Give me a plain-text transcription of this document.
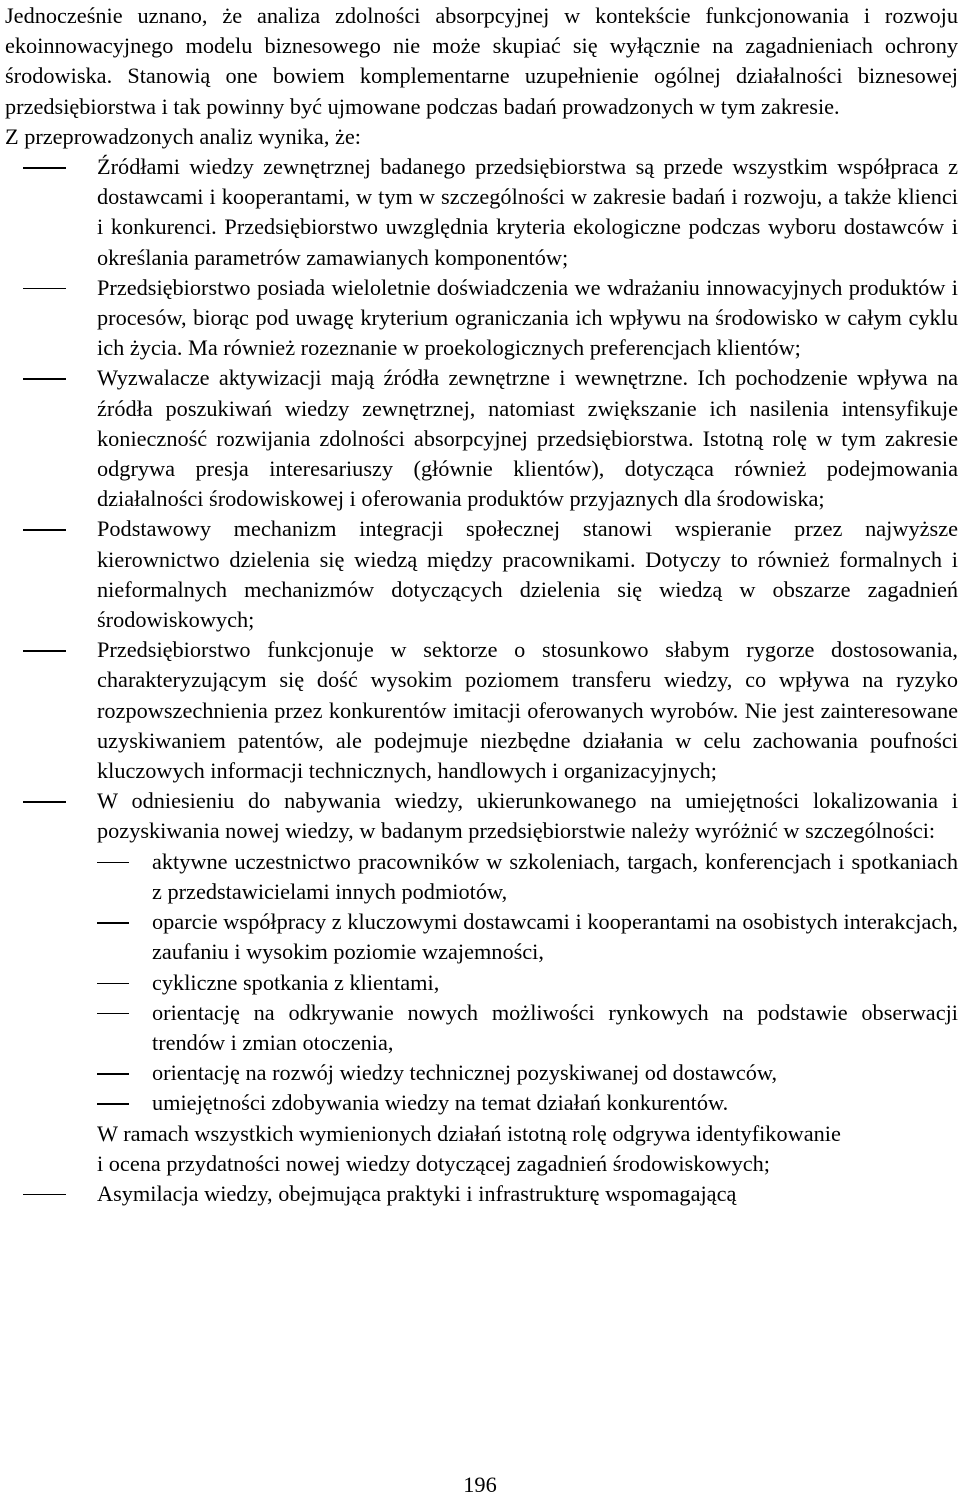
Jednocześnie uznano, że analiza zdolności absorpcyjnej w kontekście funkcjonowania i rozwoju ekoinnowacyjnego modelu biznesowego nie może skupiać się wyłącznie na zagadnieniach ochrony środowiska. Stanowią one bowiem komplementarne uzupełnienie ogólnej działalności biznesowej przedsiębiorstwa i tak powinny być ujmowane podczas badań prowadzonych w tym zakresie.

Z przeprowadzonych analiz wynika, że:

Źródłami wiedzy zewnętrznej badanego przedsiębiorstwa są przede wszystkim współpraca z dostawcami i kooperantami, w tym w szczególności w zakresie badań i rozwoju, a także klienci i konkurenci. Przedsiębiorstwo uwzględnia kryteria ekologiczne podczas wyboru dostawców i określania parametrów zamawianych komponentów;
Przedsiębiorstwo posiada wieloletnie doświadczenia we wdrażaniu innowacyjnych produktów i procesów, biorąc pod uwagę kryterium ograniczania ich wpływu na środowisko w całym cyklu ich życia. Ma również rozeznanie w proekologicznych preferencjach klientów;
Wyzwalacze aktywizacji mają źródła zewnętrzne i wewnętrzne. Ich pochodzenie wpływa na źródła poszukiwań wiedzy zewnętrznej, natomiast zwiększanie ich nasilenia intensyfikuje konieczność rozwijania zdolności absorpcyjnej przedsiębiorstwa. Istotną rolę w tym zakresie odgrywa presja interesariuszy (głównie klientów), dotycząca również podejmowania działalności środowiskowej i oferowania produktów przyjaznych dla środowiska;
Podstawowy mechanizm integracji społecznej stanowi wspieranie przez najwyższe kierownictwo dzielenia się wiedzą między pracownikami. Dotyczy to również formalnych i nieformalnych mechanizmów dotyczących dzielenia się wiedzą w obszarze zagadnień środowiskowych;
Przedsiębiorstwo funkcjonuje w sektorze o stosunkowo słabym rygorze dostosowania, charakteryzującym się dość wysokim poziomem transferu wiedzy, co wpływa na ryzyko rozpowszechnienia przez konkurentów imitacji oferowanych wyrobów. Nie jest zainteresowane uzyskiwaniem patentów, ale podejmuje niezbędne działania w celu zachowania poufności kluczowych informacji technicznych, handlowych i organizacyjnych;
W odniesieniu do nabywania wiedzy, ukierunkowanego na umiejętności lokalizowania i pozyskiwania nowej wiedzy, w badanym przedsiębiorstwie należy wyróżnić w szczególności:
aktywne uczestnictwo pracowników w szkoleniach, targach, konferencjach i spotkaniach z przedstawicielami innych podmiotów,
oparcie współpracy z kluczowymi dostawcami i kooperantami na osobistych interakcjach, zaufaniu i wysokim poziomie wzajemności,
cykliczne spotkania z klientami,
orientację na odkrywanie nowych możliwości rynkowych na podstawie obserwacji trendów i zmian otoczenia,
orientację na rozwój wiedzy technicznej pozyskiwanej od dostawców,
umiejętności zdobywania wiedzy na temat działań konkurentów.

W ramach wszystkich wymienionych działań istotną rolę odgrywa identyfikowanie

i ocena przydatności nowej wiedzy dotyczącej zagadnień środowiskowych;

Asymilacja wiedzy, obejmująca praktyki i infrastrukturę wspomagającą
196
